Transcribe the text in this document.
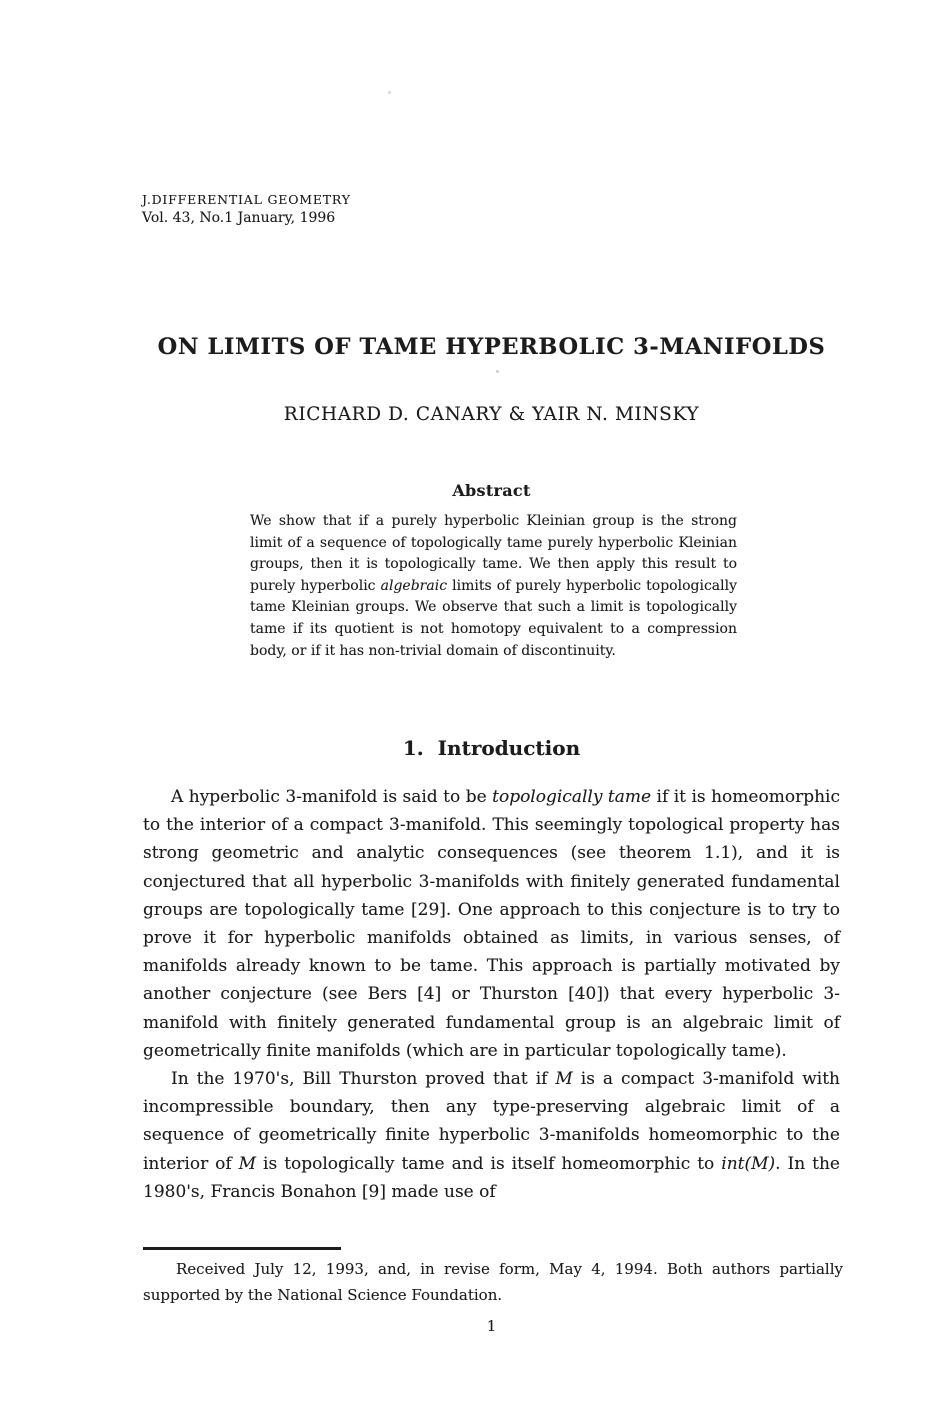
J.DIFFERENTIAL GEOMETRY
Vol. 43, No.1 January, 1996
ON LIMITS OF TAME HYPERBOLIC 3-MANIFOLDS
RICHARD D. CANARY & YAIR N. MINSKY
Abstract
We show that if a purely hyperbolic Kleinian group is the strong limit of a sequence of topologically tame purely hyperbolic Kleinian groups, then it is topologically tame. We then apply this result to purely hyperbolic algebraic limits of purely hyperbolic topologically tame Kleinian groups. We observe that such a limit is topologically tame if its quotient is not homotopy equivalent to a compression body, or if it has non-trivial domain of discontinuity.
1.  Introduction

A hyperbolic 3-manifold is said to be topologically tame if it is homeomorphic to the interior of a compact 3-manifold. This seemingly topological property has strong geometric and analytic consequences (see theorem 1.1), and it is conjectured that all hyperbolic 3-manifolds with finitely generated fundamental groups are topologically tame [29]. One approach to this conjecture is to try to prove it for hyperbolic manifolds obtained as limits, in various senses, of manifolds already known to be tame. This approach is partially motivated by another conjecture (see Bers [4] or Thurston [40]) that every hyperbolic 3-manifold with finitely generated fundamental group is an algebraic limit of geometrically finite manifolds (which are in particular topologically tame).

In the 1970's, Bill Thurston proved that if M is a compact 3-manifold with incompressible boundary, then any type-preserving algebraic limit of a sequence of geometrically finite hyperbolic 3-manifolds homeomorphic to the interior of M is topologically tame and is itself homeomorphic to int(M). In the 1980's, Francis Bonahon [9] made use of

Received July 12, 1993, and, in revise form, May 4, 1994. Both authors partially supported by the National Science Foundation.
1
